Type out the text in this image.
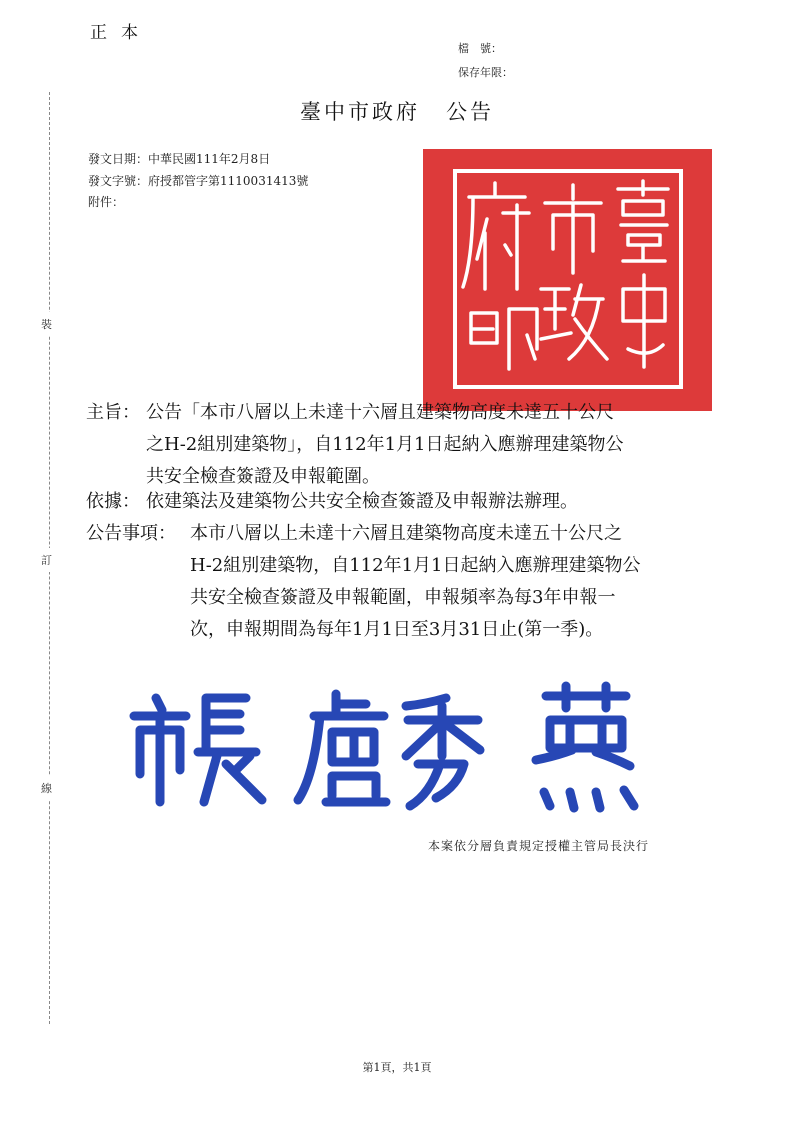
正本
檔　號：
保存年限：
臺中市政府 公告
發文日期：中華民國111年2月8日
發文字號：府授都管字第1110031413號
附件：
裝
訂
線
主旨： 公告「本市八層以上未達十六層且建築物高度未達五十公尺
之H-2組別建築物」，自112年1月1日起納入應辦理建築物公
共安全檢查簽證及申報範圍。
依據： 依建築法及建築物公共安全檢查簽證及申報辦法辦理。
公告事項： 本市八層以上未達十六層且建築物高度未達五十公尺之
H-2組別建築物，自112年1月1日起納入應辦理建築物公
共安全檢查簽證及申報範圍，申報頻率為每3年申報一
次，申報期間為每年1月1日至3月31日止(第一季)。
本案依分層負責規定授權主管局長決行
第1頁，共1頁
